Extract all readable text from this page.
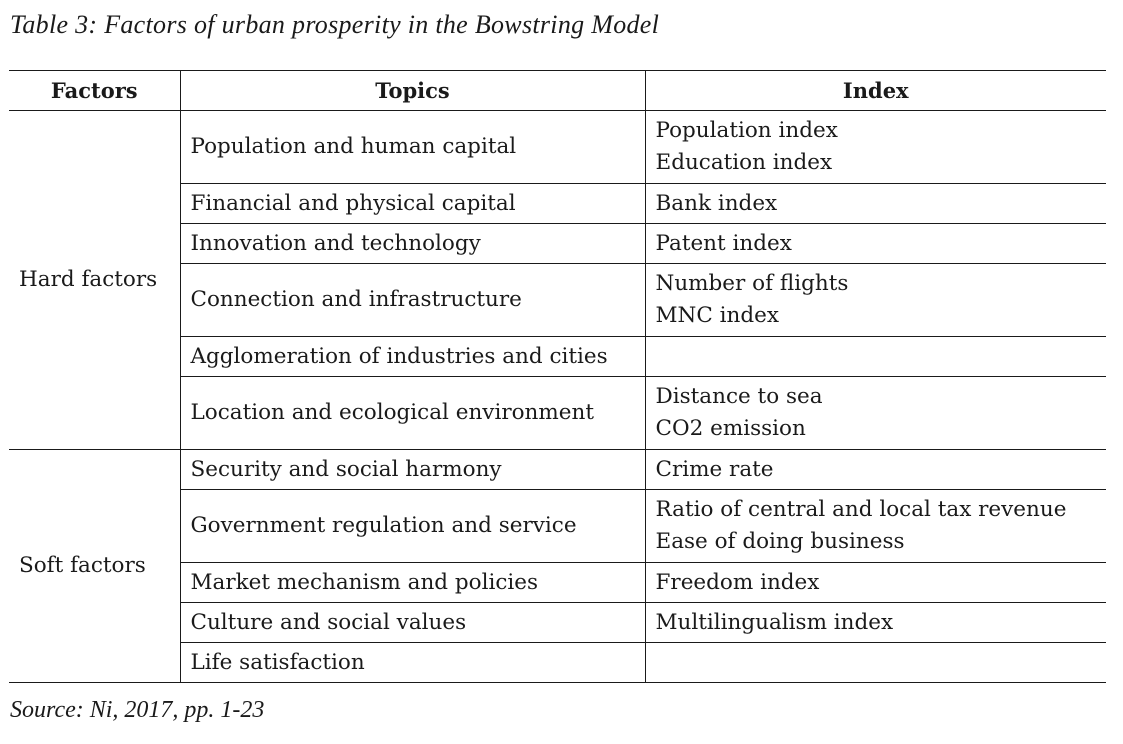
Table 3: Factors of urban prosperity in the Bowstring Model
Factors	Topics	Index
Hard factors	Population and human capital	Population index
Education index

	Financial and physical capital	Bank index

	Innovation and technology	Patent index

	Connection and infrastructure	Number of flights
MNC index

	Agglomeration of industries and cities	
	Location and ecological environment	Distance to sea
CO2 emission

Soft factors	Security and social harmony	Crime rate

	Government regulation and service	Ratio of central and local tax revenue
Ease of doing business

	Market mechanism and policies	Freedom index

	Culture and social values	Multilingualism index

	Life satisfaction	
Source: Ni, 2017, pp. 1-23
